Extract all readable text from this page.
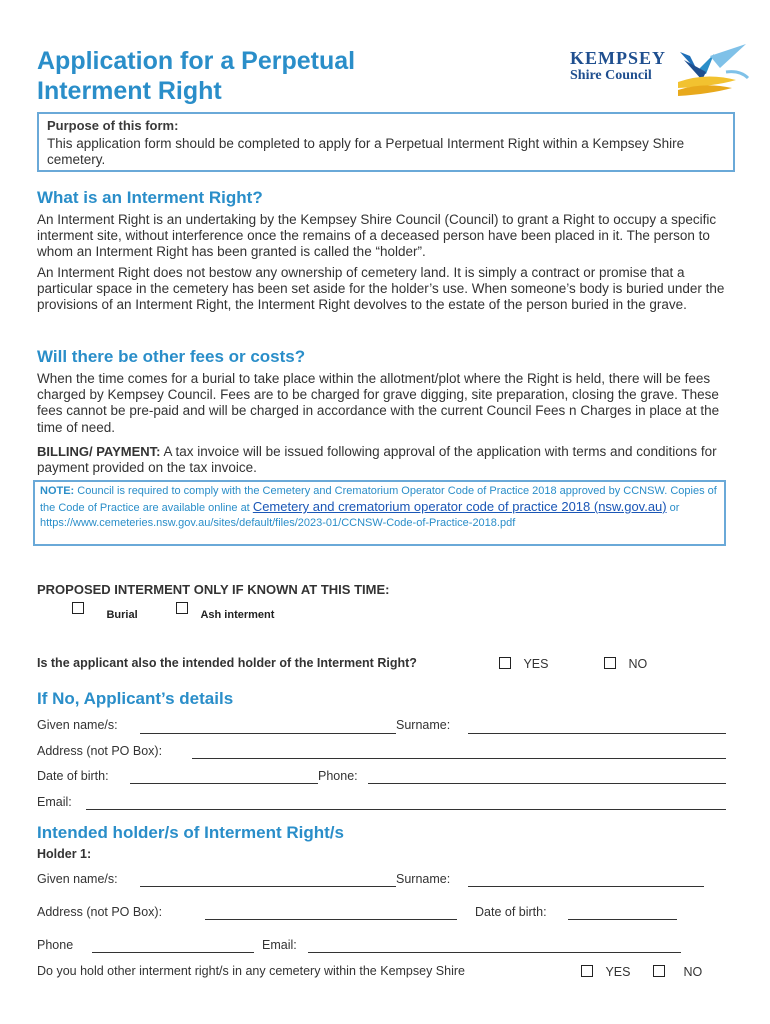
Application for a Perpetual
Interment Right
KEMPSEY
Shire Council
Purpose of this form:
This application form should be completed to apply for a Perpetual Interment Right within a Kempsey Shire cemetery.
What is an Interment Right?
An Interment Right is an undertaking by the Kempsey Shire Council (Council) to grant a Right to occupy a specific interment site, without interference once the remains of a deceased person have been placed in it. The person to whom an Interment Right has been granted is called the “holder”.
An Interment Right does not bestow any ownership of cemetery land. It is simply a contract or promise that a particular space in the cemetery has been set aside for the holder’s use. When someone’s body is buried under the provisions of an Interment Right, the Interment Right devolves to the estate of the person buried in the grave.
Will there be other fees or costs?
When the time comes for a burial to take place within the allotment/plot where the Right is held, there will be fees charged by Kempsey Council. Fees are to be charged for grave digging, site preparation, closing the grave. These fees cannot be pre-paid and will be charged in accordance with the current Council Fees n Charges in place at the time of need.
BILLING/ PAYMENT: A tax invoice will be issued following approval of the application with terms and conditions for payment provided on the tax invoice.
NOTE: Council is required to comply with the Cemetery and Crematorium Operator Code of Practice 2018 approved by CCNSW. Copies of the Code of Practice are available online at Cemetery and crematorium operator code of practice 2018 (nsw.gov.au) or https://www.cemeteries.nsw.gov.au/sites/default/files/2023-01/CCNSW-Code-of-Practice-2018.pdf
PROPOSED INTERMENT ONLY IF KNOWN AT THIS TIME:
$_{Burial}$	$_{Ash interment}$
Is the applicant also the intended holder of the Interment Right?	YES	NO
If No, Applicant’s details
Given name/s:	Surname:
Address (not PO Box):
Date of birth:	Phone:
Email:
Intended holder/s of Interment Right/s
Holder 1:
Given name/s:	Surname:
Address (not PO Box):	Date of birth:
Phone	Email:
Do you hold other interment right/s in any cemetery within the Kempsey Shire	YES	NO
